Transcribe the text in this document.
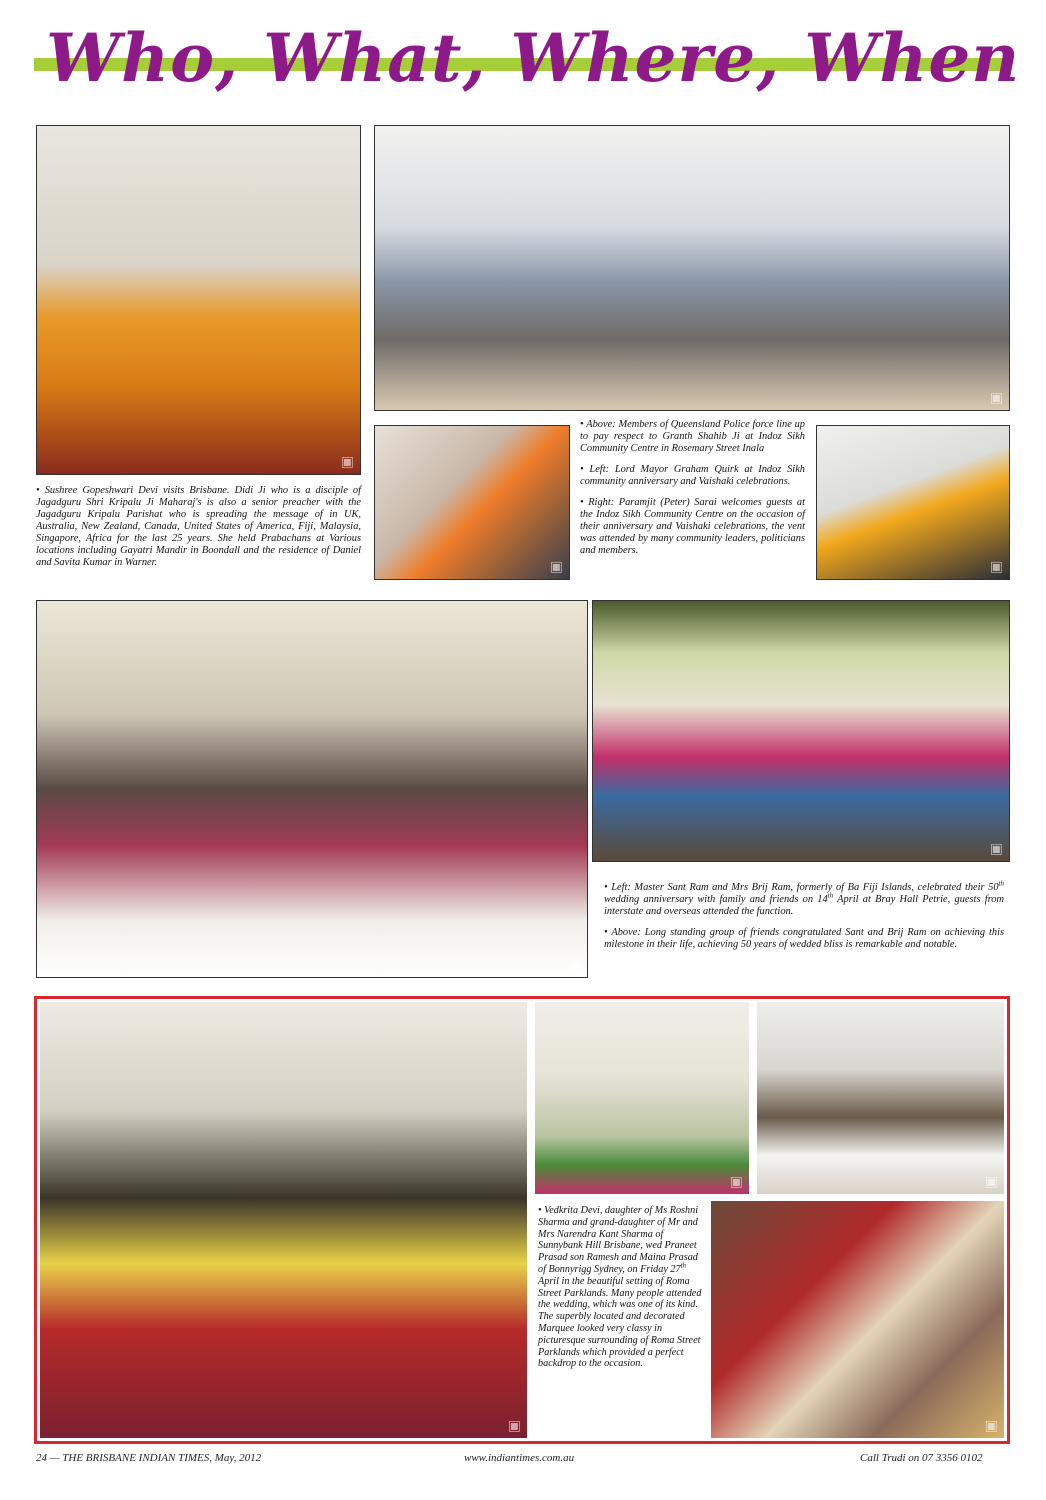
Who, What, Where, When
▣
▣
▣

• Above: Members of Queensland Police force line up to pay respect to Granth Shahib Ji at Indoz Sikh Community Centre in Rosemary Street Inala

• Left: Lord Mayor Graham Quirk at Indoz Sikh community anniversary and Vaishaki celebrations.

• Right: Paramjit (Peter) Sarai welcomes guests at the Indoz Sikh Community Centre on the occasion of their anniversary and Vaishaki celebrations, the vent was attended by many community leaders, politicians and members.

▣
• Sushree Gopeshwari Devi visits Brisbane. Didi Ji who is a disciple of Jagadguru Shri Kripalu Ji Maharaj's is also a senior preacher with the Jagadguru Kripalu Parishat who is spreading the message of in UK, Australia, New Zealand, Canada, United States of America, Fiji, Malaysia, Singapore, Africa for the last 25 years. She held Prabachans at Various locations including Gayatri Mandir in Boondall and the residence of Daniel and Savita Kumar in Warner.
▣
▣

• Left: Master Sant Ram and Mrs Brij Ram, formerly of Ba Fiji Islands, celebrated their 50th wedding anniversary with family and friends on 14th April at Bray Hall Petrie, guests from interstate and overseas attended the function.

• Above: Long standing group of friends congratulated Sant and Brij Ram on achieving this milestone in their life, achieving 50 years of wedded bliss is remarkable and notable.

▣
▣	▣
• Vedkrita Devi, daughter of Ms Roshni Sharma and grand-daughter of Mr and Mrs Narendra Kant Sharma of Sunnybank Hill Brisbane, wed Praneet Prasad son Ramesh and Maina Prasad of Bonnyrigg Sydney, on Friday 27th April in the beautiful setting of Roma Street Parklands. Many people attended the wedding, which was one of its kind. The superbly located and decorated Marquee looked very classy in picturesque surrounding of Roma Street Parklands which provided a perfect backdrop to the occasion.
▣
24 — THE BRISBANE INDIAN TIMES, May, 2012	www.indiantimes.com.au	Call Trudi on 07 3356 0102
